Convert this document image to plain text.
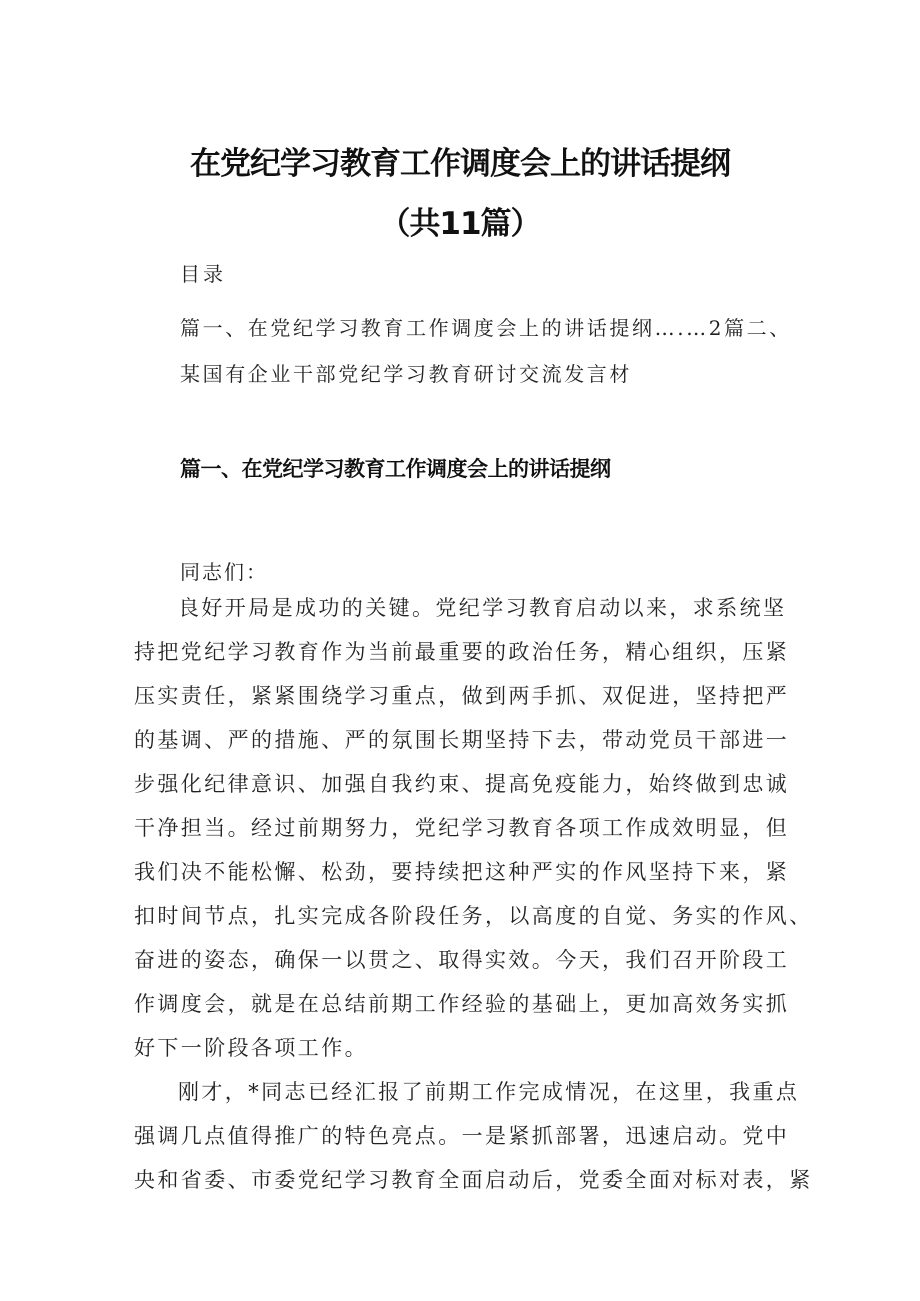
在党纪学习教育工作调度会上的讲话提纲
（共11篇）
目录
篇一、在党纪学习教育工作调度会上的讲话提纲….…2篇二、
某国有企业干部党纪学习教育研讨交流发言材
篇一、在党纪学习教育工作调度会上的讲话提纲
同志们：
良好开局是成功的关键。党纪学习教育启动以来，求系统坚
持把党纪学习教育作为当前最重要的政治任务，精心组织，压紧
压实责任，紧紧围绕学习重点，做到两手抓、双促进，坚持把严
的基调、严的措施、严的氛围长期坚持下去，带动党员干部进一
步强化纪律意识、加强自我约束、提高免疫能力，始终做到忠诚
干净担当。经过前期努力，党纪学习教育各项工作成效明显，但
我们决不能松懈、松劲，要持续把这种严实的作风坚持下来，紧
扣时间节点，扎实完成各阶段任务，以高度的自觉、务实的作风、
奋进的姿态，确保一以贯之、取得实效。今天，我们召开阶段工
作调度会，就是在总结前期工作经验的基础上，更加高效务实抓
好下一阶段各项工作。
刚才，*同志已经汇报了前期工作完成情况，在这里，我重点
强调几点值得推广的特色亮点。一是紧抓部署，迅速启动。党中
央和省委、市委党纪学习教育全面启动后，党委全面对标对表，紧
